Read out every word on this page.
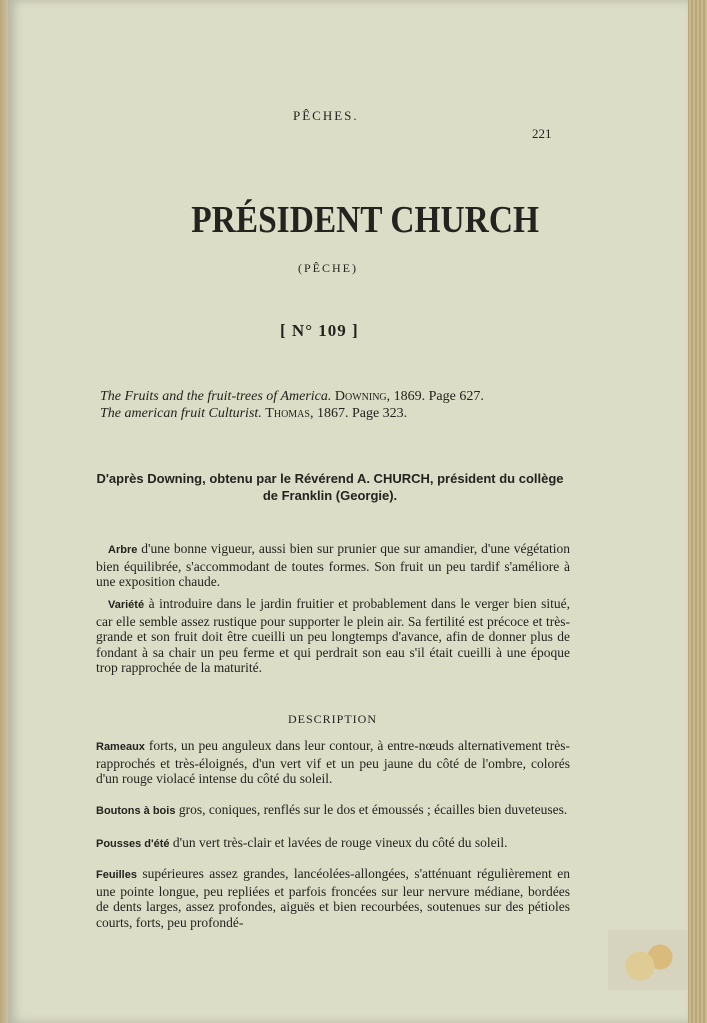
PÊCHES.
221
PRÉSIDENT CHURCH
(PÊCHE)
[ N° 109 ]
The Fruits and the fruit-trees of America. Downing, 1869. Page 627.
The american fruit Culturist. Thomas, 1867. Page 323.
D'après Downing, obtenu par le Révérend A. CHURCH, président du collège de Franklin (Georgie).
Arbre d'une bonne vigueur, aussi bien sur prunier que sur amandier, d'une végétation bien équilibrée, s'accommodant de toutes formes. Son fruit un peu tardif s'améliore à une exposition chaude.
Variété à introduire dans le jardin fruitier et probablement dans le verger bien situé, car elle semble assez rustique pour supporter le plein air. Sa fertilité est précoce et très-grande et son fruit doit être cueilli un peu longtemps d'avance, afin de donner plus de fondant à sa chair un peu ferme et qui perdrait son eau s'il était cueilli à une époque trop rapprochée de la maturité.
DESCRIPTION
Rameaux forts, un peu anguleux dans leur contour, à entre-nœuds alternativement très-rapprochés et très-éloignés, d'un vert vif et un peu jaune du côté de l'ombre, colorés d'un rouge violacé intense du côté du soleil.
Boutons à bois gros, coniques, renflés sur le dos et émoussés ; écailles bien duveteuses.
Pousses d'été d'un vert très-clair et lavées de rouge vineux du côté du soleil.
Feuilles supérieures assez grandes, lancéolées-allongées, s'atténuant régulièrement en une pointe longue, peu repliées et parfois froncées sur leur nervure médiane, bordées de dents larges, assez profondes, aiguës et bien recourbées, soutenues sur des pétioles courts, forts, peu profondé-
